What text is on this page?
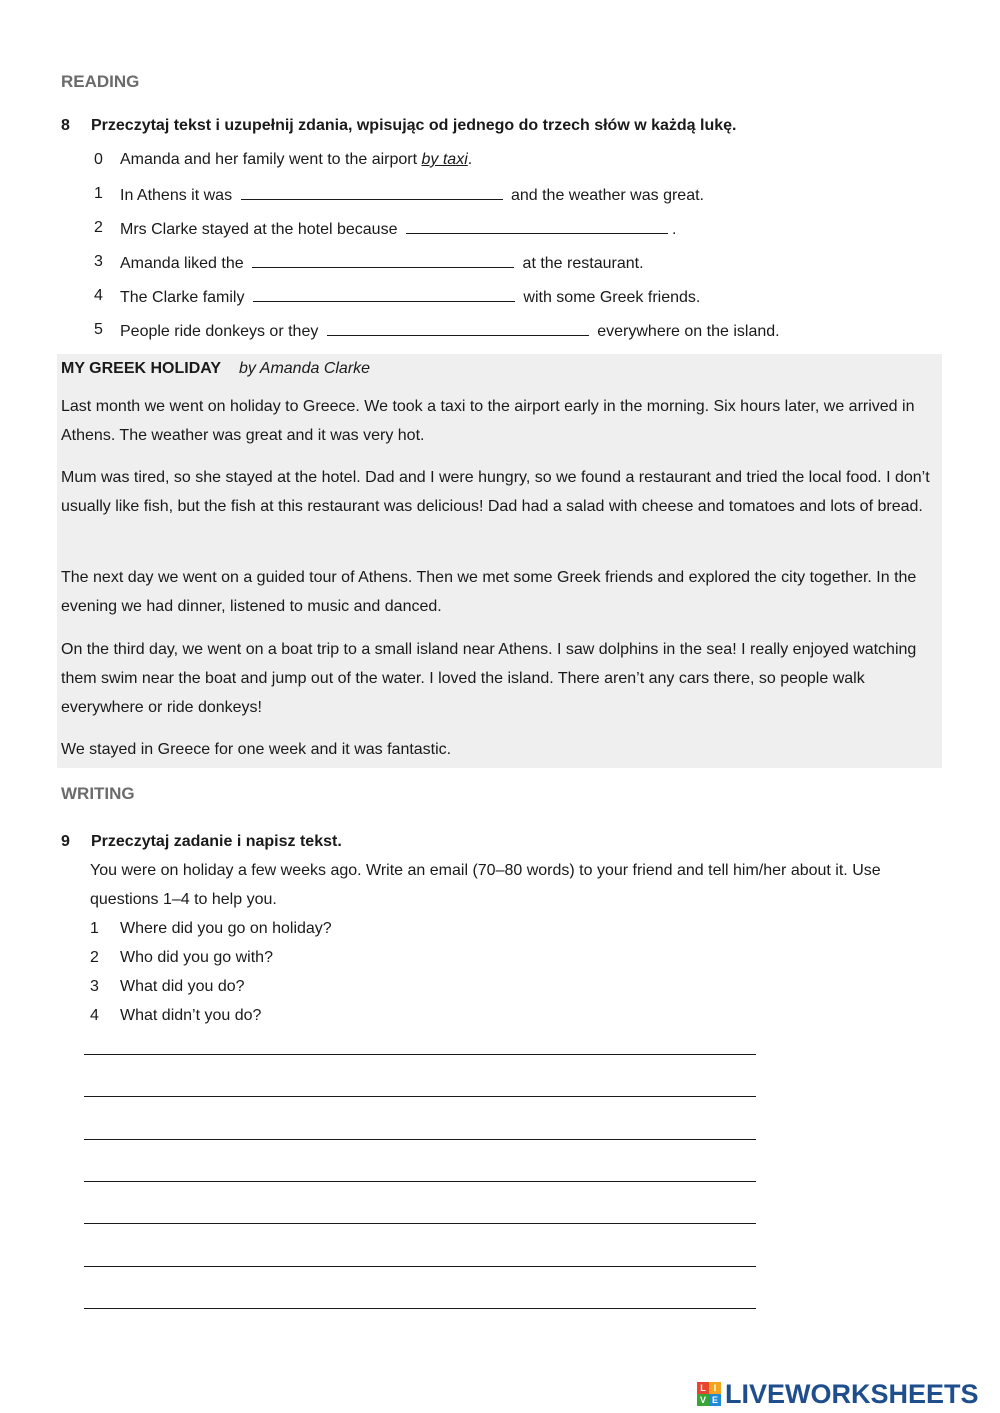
READING
8 Przeczytaj tekst i uzupełnij zdania, wpisując od jednego do trzech słów w każdą lukę.
0 Amanda and her family went to the airport by taxi.
1 In Athens it was	and the weather was great.
2 Mrs Clarke stayed at the hotel because	.
3 Amanda liked the	at the restaurant.
4 The Clarke family	with some Greek friends.
5 People ride donkeys or they	everywhere on the island.

MY GREEK HOLIDAY by Amanda Clarke

Last month we went on holiday to Greece. We took a taxi to the airport early in the morning. Six hours later, we arrived in Athens. The weather was great and it was very hot.

Mum was tired, so she stayed at the hotel. Dad and I were hungry, so we found a restaurant and tried the local food. I don’t usually like fish, but the fish at this restaurant was delicious! Dad had a salad with cheese and tomatoes and lots of bread.

The next day we went on a guided tour of Athens. Then we met some Greek friends and explored the city together. In the evening we had dinner, listened to music and danced.

On the third day, we went on a boat trip to a small island near Athens. I saw dolphins in the sea! I really enjoyed watching them swim near the boat and jump out of the water. I loved the island. There aren’t any cars there, so people walk everywhere or ride donkeys!

We stayed in Greece for one week and it was fantastic.

WRITING
9 Przeczytaj zadanie i napisz tekst.
You were on holiday a few weeks ago. Write an email (70–80 words) to your friend and tell him/her about it. Use
questions 1–4 to help you.
1 Where did you go on holiday?
2 Who did you go with?
3 What did you do?
4 What didn’t you do?
L I
V E LIVEWORKSHEETS
